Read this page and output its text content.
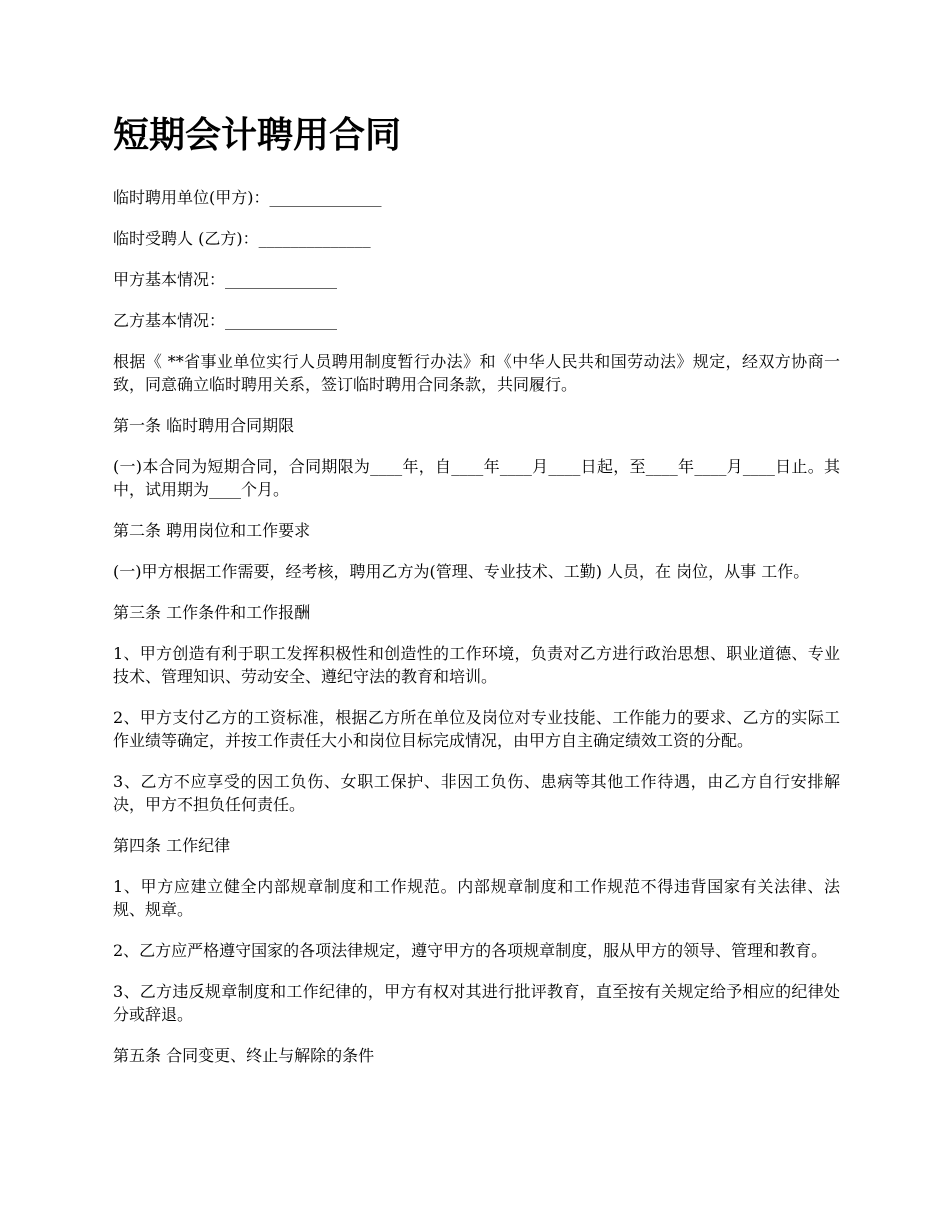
短期会计聘用合同

临时聘用单位(甲方)：______________

临时受聘人 (乙方)：______________

甲方基本情况：______________

乙方基本情况：______________

根据《 **省事业单位实行人员聘用制度暂行办法》和《中华人民共和国劳动法》规定，经双方协商一致，同意确立临时聘用关系，签订临时聘用合同条款，共同履行。

第一条 临时聘用合同期限

(一)本合同为短期合同，合同期限为____年，自____年____月____日起，至____年____月____日止。其中，试用期为____个月。

第二条 聘用岗位和工作要求

(一)甲方根据工作需要，经考核，聘用乙方为(管理、专业技术、工勤) 人员，在 岗位，从事 工作。

第三条 工作条件和工作报酬

1、甲方创造有利于职工发挥积极性和创造性的工作环境，负责对乙方进行政治思想、职业道德、专业技术、管理知识、劳动安全、遵纪守法的教育和培训。

2、甲方支付乙方的工资标准，根据乙方所在单位及岗位对专业技能、工作能力的要求、乙方的实际工作业绩等确定，并按工作责任大小和岗位目标完成情况，由甲方自主确定绩效工资的分配。

3、乙方不应享受的因工负伤、女职工保护、非因工负伤、患病等其他工作待遇，由乙方自行安排解决，甲方不担负任何责任。

第四条 工作纪律

1、甲方应建立健全内部规章制度和工作规范。内部规章制度和工作规范不得违背国家有关法律、法规、规章。

2、乙方应严格遵守国家的各项法律规定，遵守甲方的各项规章制度，服从甲方的领导、管理和教育。

3、乙方违反规章制度和工作纪律的，甲方有权对其进行批评教育，直至按有关规定给予相应的纪律处分或辞退。

第五条 合同变更、终止与解除的条件
